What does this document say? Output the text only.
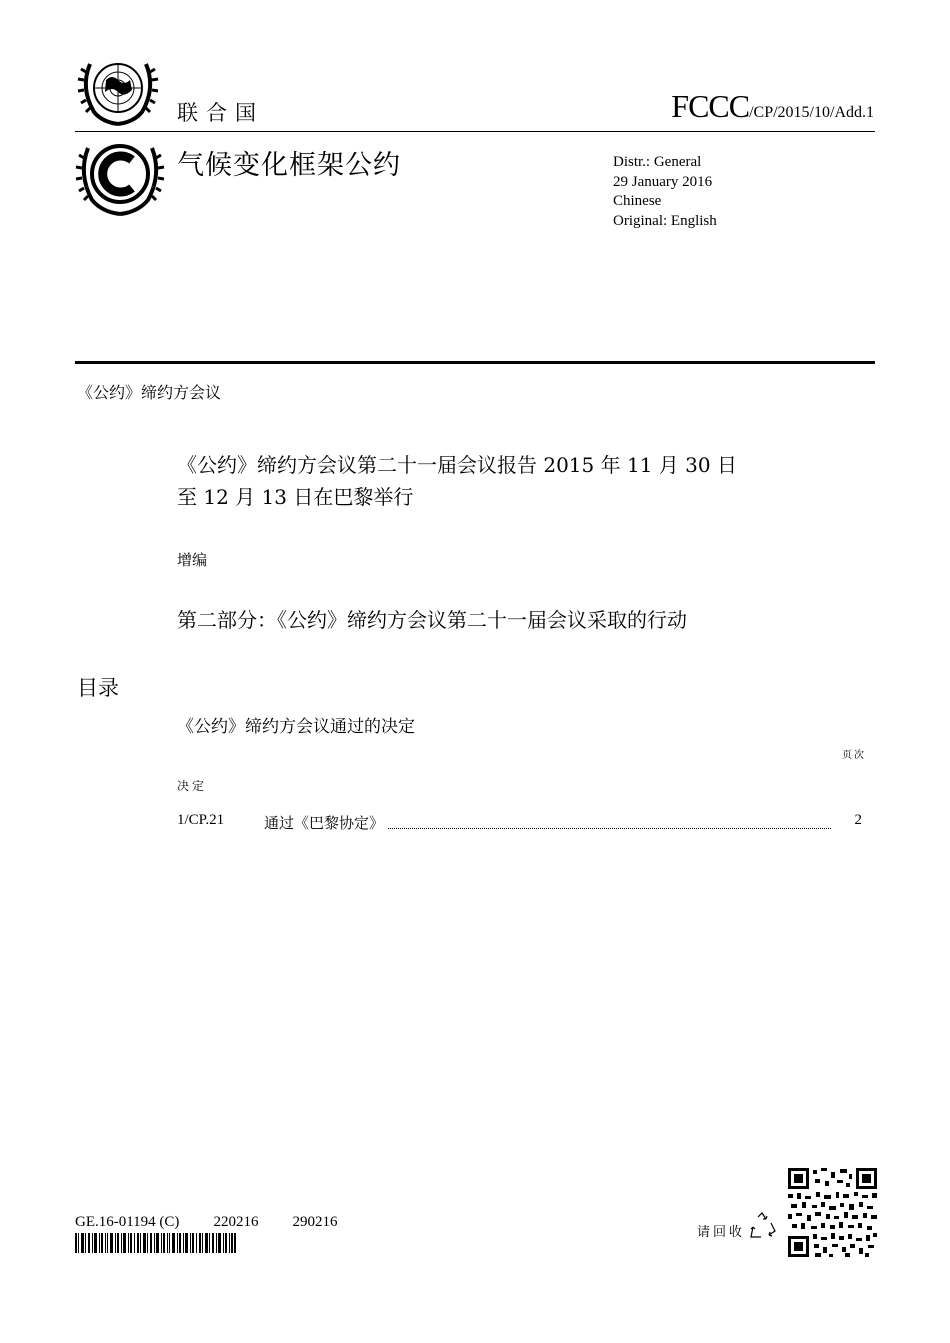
联合国	FCCC/CP/2015/10/Add.1
气候变化框架公约	Distr.: General
29 January 2016
Chinese
Original: English
《公约》缔约方会议
《公约》缔约方会议第二十一届会议报告 2015 年 11 月 30 日
至 12 月 13 日在巴黎举行
增编
第二部分：《公约》缔约方会议第二十一届会议采取的行动
目录
《公约》缔约方会议通过的决定
页次
决定
1/CP.21	通过《巴黎协定》	2
GE.16-01194 (C) 220216 290216
请回收
